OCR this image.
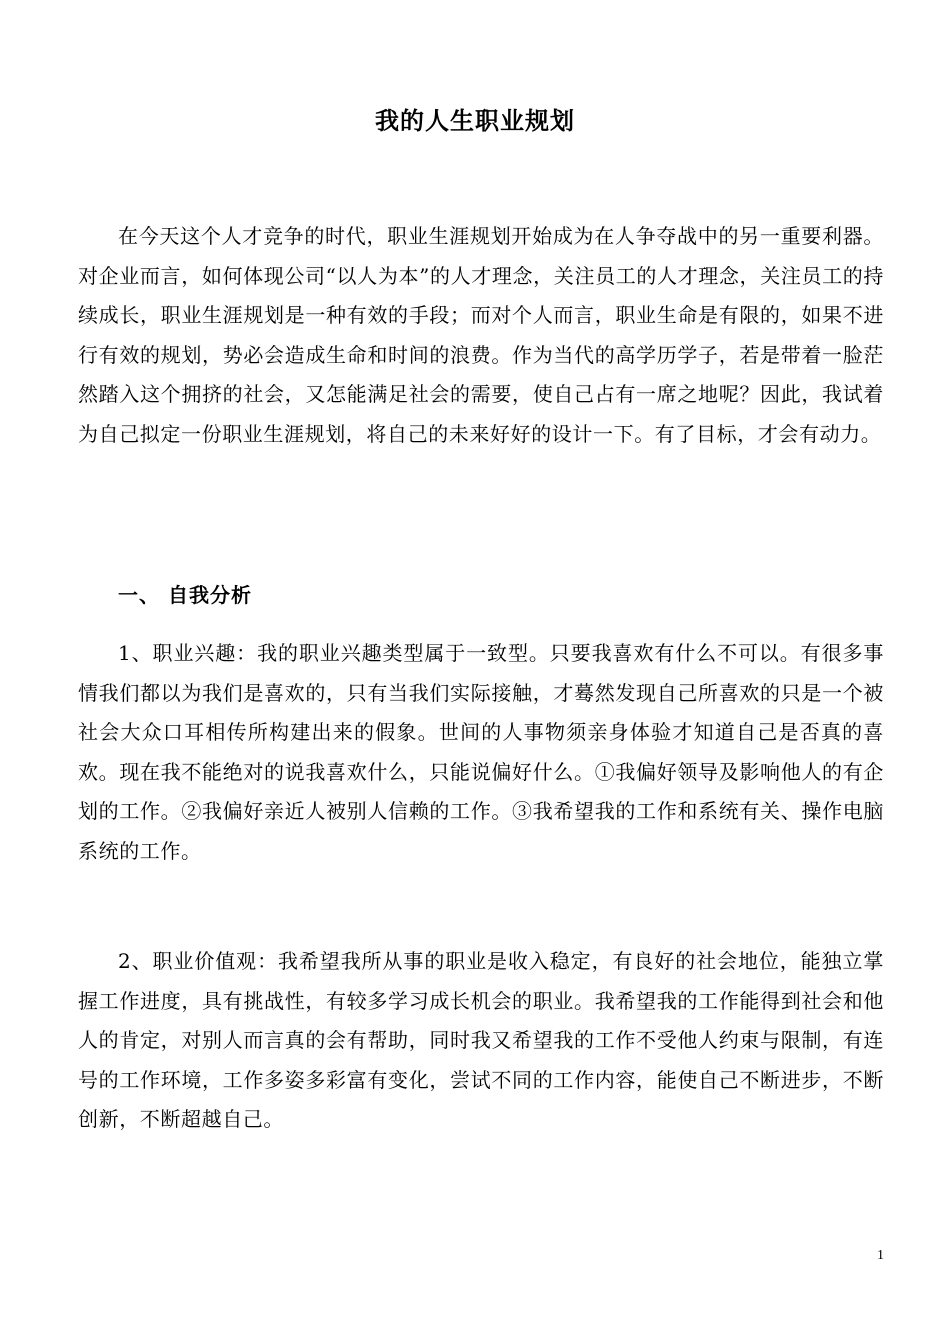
我的人生职业规划

在今天这个人才竞争的时代，职业生涯规划开始成为在人争夺战中的另一重要利器。对企业而言，如何体现公司“以人为本”的人才理念，关注员工的人才理念，关注员工的持续成长，职业生涯规划是一种有效的手段；而对个人而言，职业生命是有限的，如果不进行有效的规划，势必会造成生命和时间的浪费。作为当代的高学历学子，若是带着一脸茫然踏入这个拥挤的社会，又怎能满足社会的需要，使自己占有一席之地呢？因此，我试着为自己拟定一份职业生涯规划，将自己的未来好好的设计一下。有了目标，才会有动力。

一、 自我分析

1、职业兴趣：我的职业兴趣类型属于一致型。只要我喜欢有什么不可以。有很多事情我们都以为我们是喜欢的，只有当我们实际接触，才蓦然发现自己所喜欢的只是一个被社会大众口耳相传所构建出来的假象。世间的人事物须亲身体验才知道自己是否真的喜欢。现在我不能绝对的说我喜欢什么，只能说偏好什么。①我偏好领导及影响他人的有企划的工作。②我偏好亲近人被别人信赖的工作。③我希望我的工作和系统有关、操作电脑系统的工作。

2、职业价值观：我希望我所从事的职业是收入稳定，有良好的社会地位，能独立掌握工作进度，具有挑战性，有较多学习成长机会的职业。我希望我的工作能得到社会和他人的肯定，对别人而言真的会有帮助，同时我又希望我的工作不受他人约束与限制，有连号的工作环境，工作多姿多彩富有变化，尝试不同的工作内容，能使自己不断进步，不断创新，不断超越自己。

1
